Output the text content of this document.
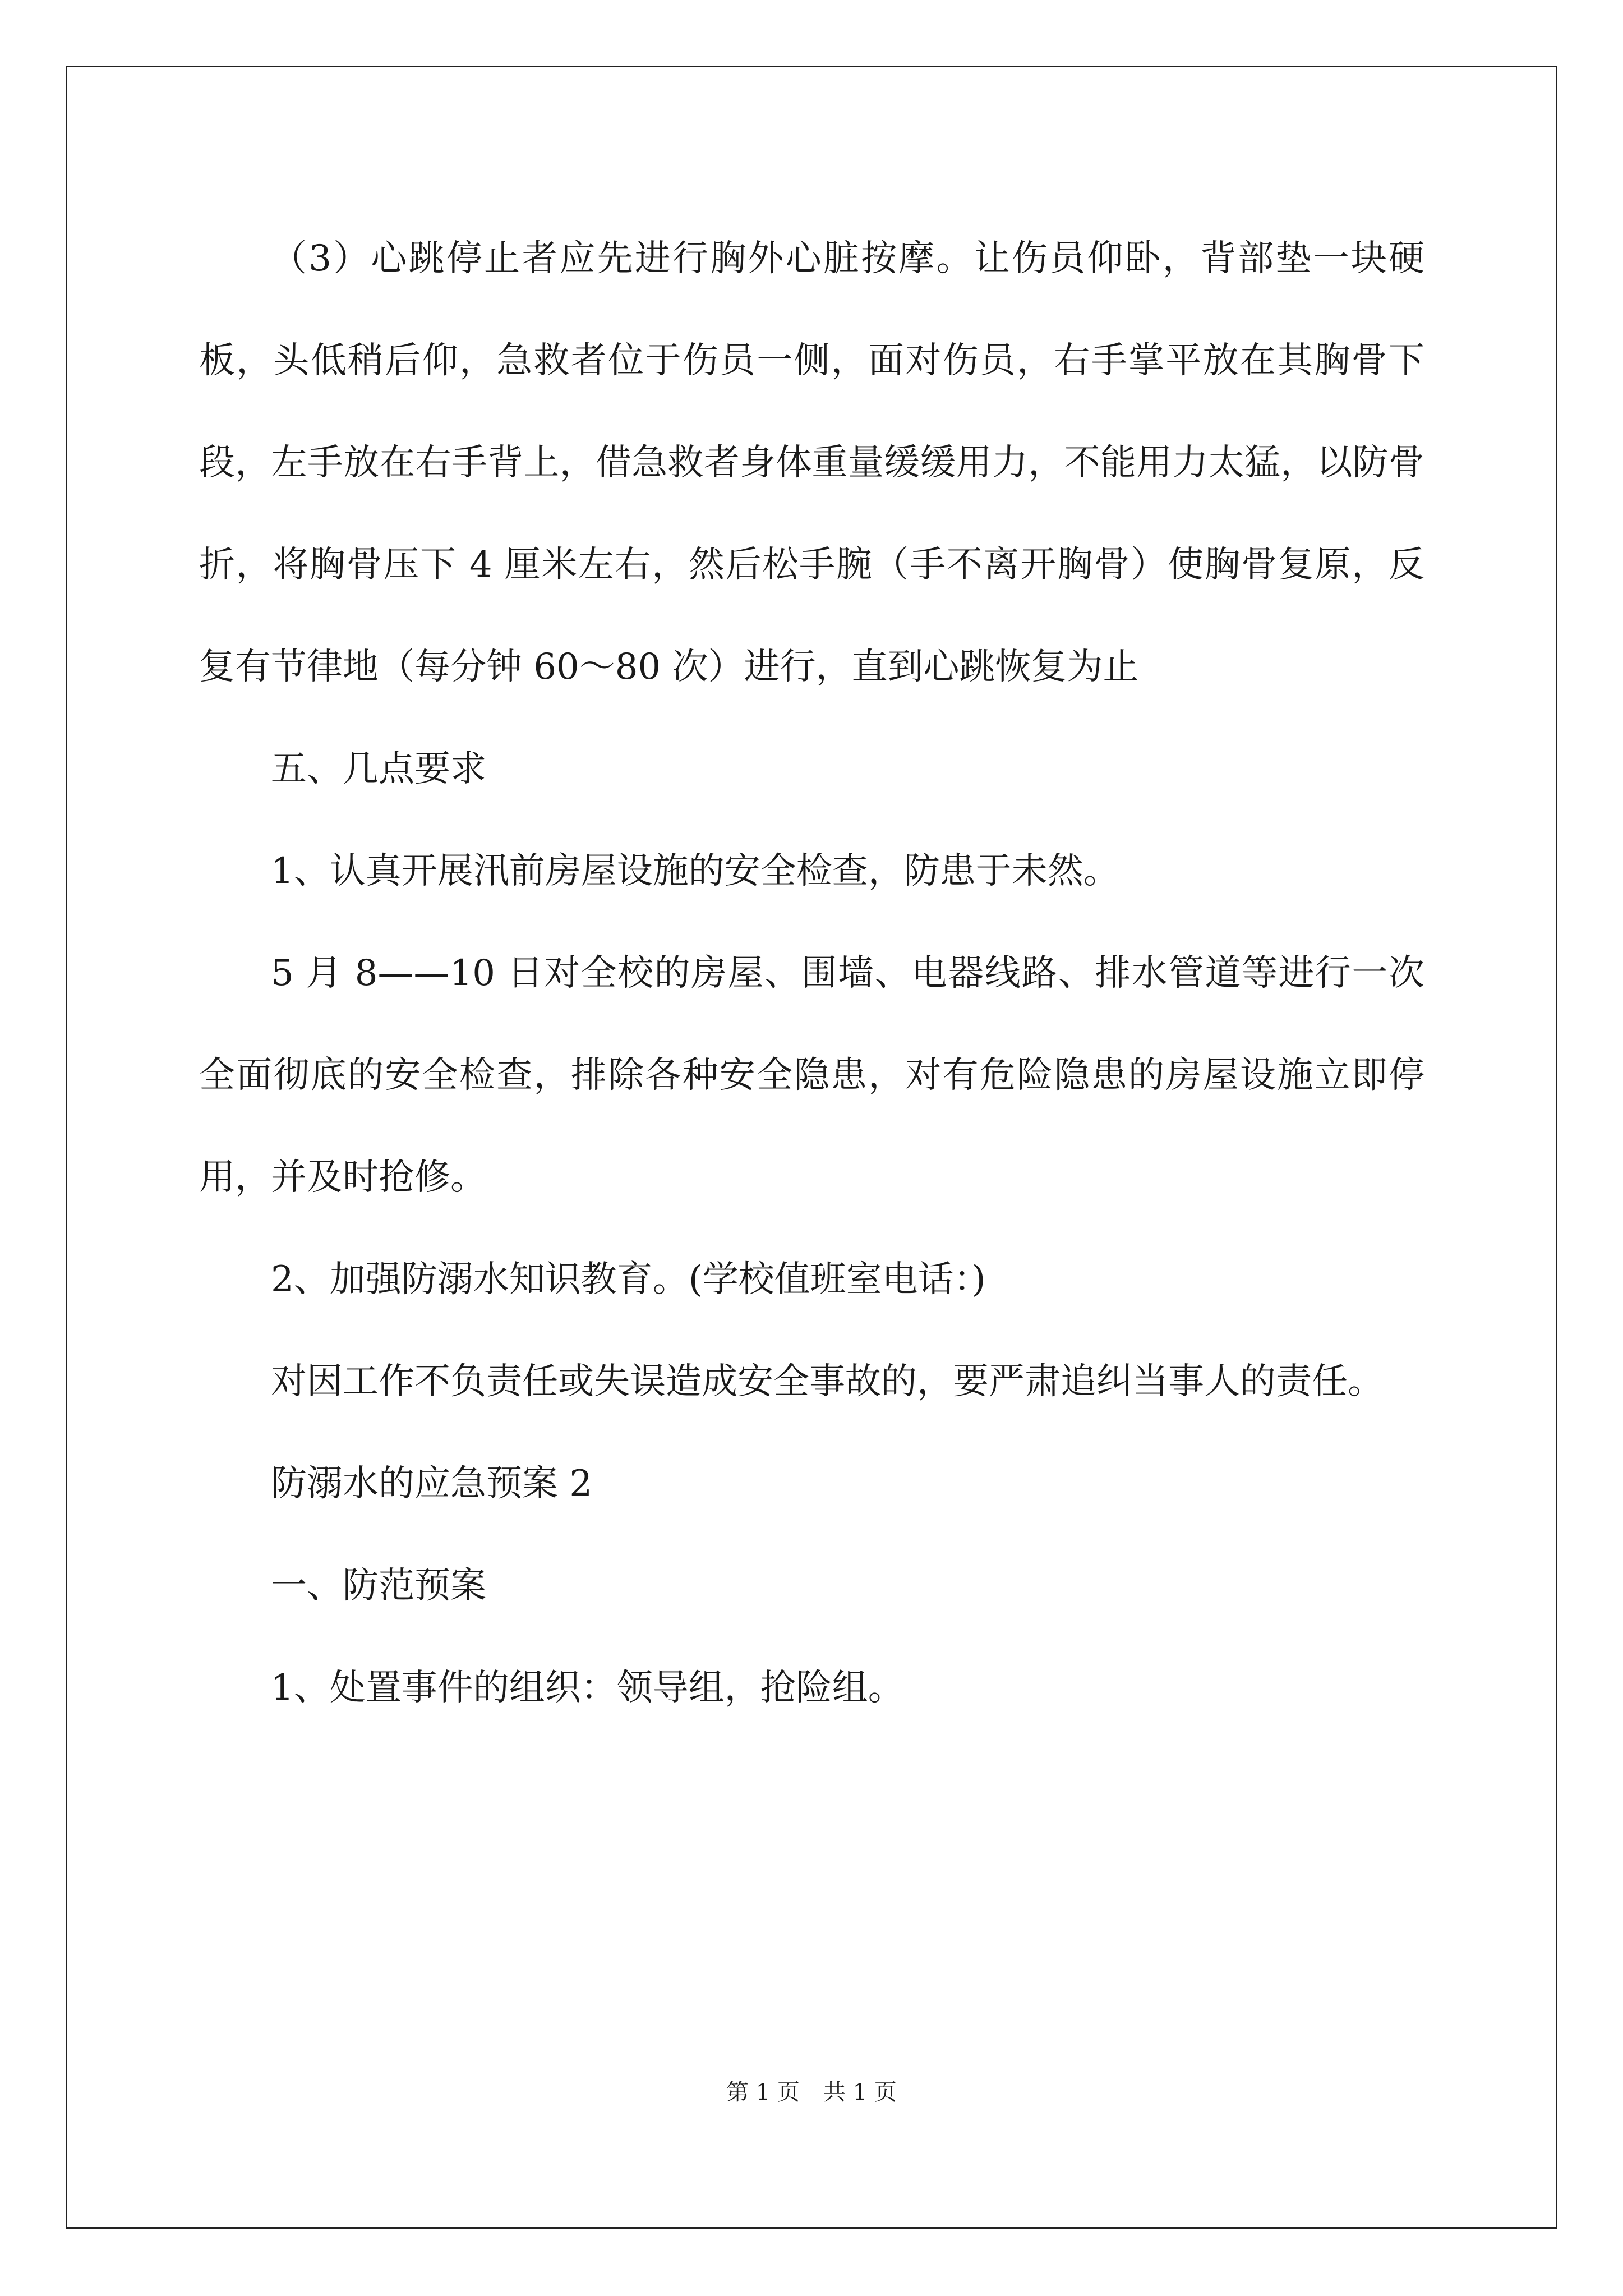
（3）心跳停止者应先进行胸外心脏按摩。让伤员仰卧，背部垫一块硬板，头低稍后仰，急救者位于伤员一侧，面对伤员，右手掌平放在其胸骨下段，左手放在右手背上，借急救者身体重量缓缓用力，不能用力太猛，以防骨折，将胸骨压下 4 厘米左右，然后松手腕（手不离开胸骨）使胸骨复原，反复有节律地（每分钟 60～80 次）进行，直到心跳恢复为止

五、几点要求

1、认真开展汛前房屋设施的安全检查，防患于未然。

5 月 8——10 日对全校的房屋、围墙、电器线路、排水管道等进行一次全面彻底的安全检查，排除各种安全隐患，对有危险隐患的房屋设施立即停用，并及时抢修。

2、加强防溺水知识教育。(学校值班室电话：)

对因工作不负责任或失误造成安全事故的，要严肃追纠当事人的责任。

防溺水的应急预案 2

一、防范预案

1、处置事件的组织：领导组，抢险组。

第 1 页 共 1 页
